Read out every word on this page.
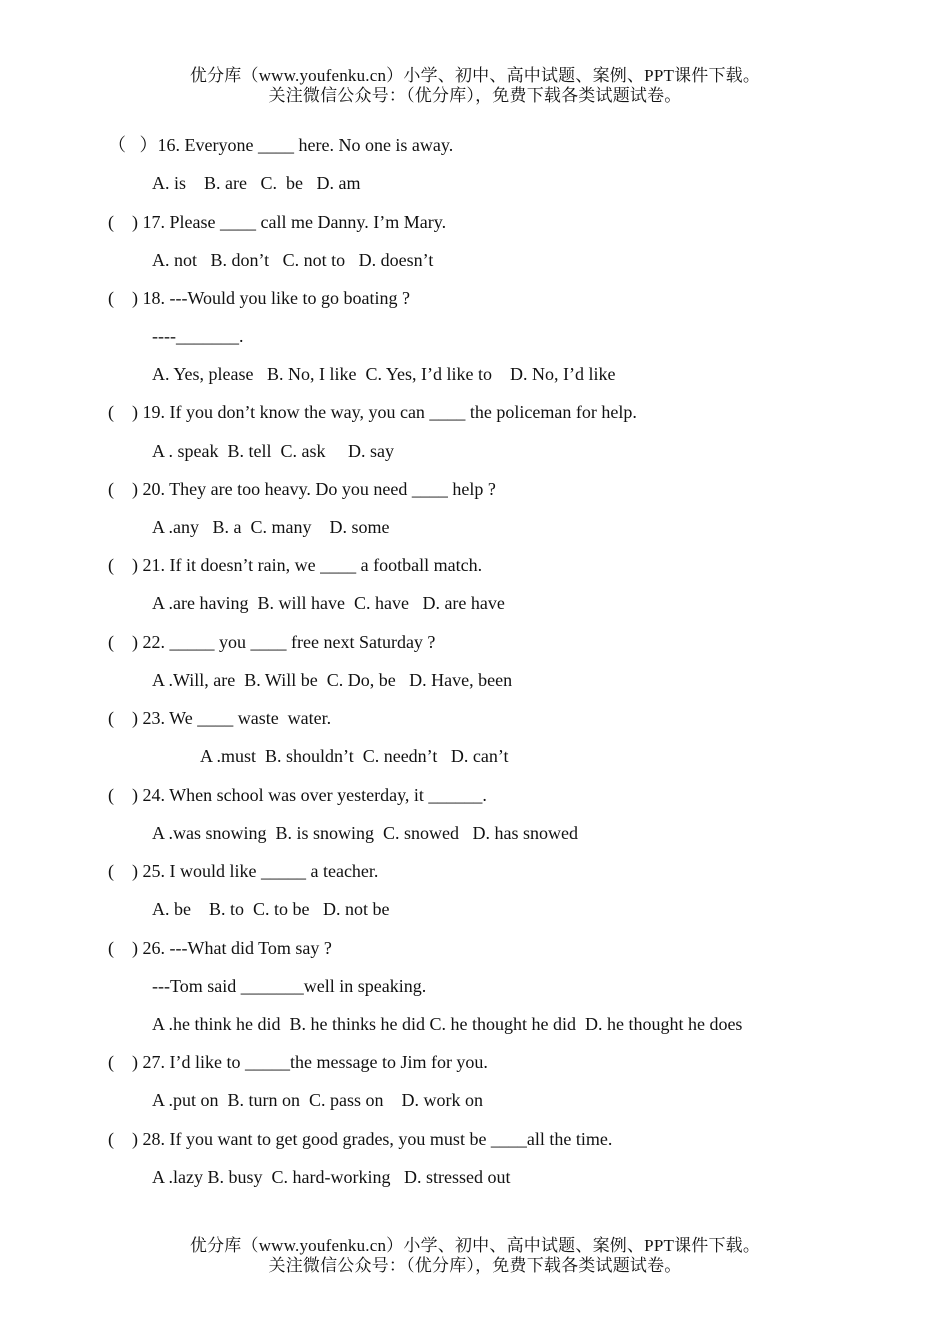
优分库（www.youfenku.cn）小学、初中、高中试题、案例、PPT课件下载。
关注微信公众号：（优分库），免费下载各类试题试卷。
（   ）16. Everyone ____ here. No one is away.
A. is    B. are   C.  be   D. am
(    ) 17. Please ____ call me Danny. I’m Mary.
A. not   B. don’t   C. not to   D. doesn’t
(    ) 18. ---Would you like to go boating ?
----_______.
A. Yes, please   B. No, I like  C. Yes, I’d like to    D. No, I’d like
(    ) 19. If you don’t know the way, you can ____ the policeman for help.
A . speak  B. tell  C. ask     D. say
(    ) 20. They are too heavy. Do you need ____ help ?
A .any   B. a  C. many    D. some
(    ) 21. If it doesn’t rain, we ____ a football match.
A .are having  B. will have  C. have   D. are have
(    ) 22. _____ you ____ free next Saturday ?
A .Will, are  B. Will be  C. Do, be   D. Have, been
(    ) 23. We ____ waste  water.
A .must  B. shouldn’t  C. needn’t   D. can’t
(    ) 24. When school was over yesterday, it ______.
A .was snowing  B. is snowing  C. snowed   D. has snowed
(    ) 25. I would like _____ a teacher.
A. be    B. to  C. to be   D. not be
(    ) 26. ---What did Tom say ?
---Tom said _______well in speaking.
A .he think he did  B. he thinks he did C. he thought he did  D. he thought he does
(    ) 27. I’d like to _____the message to Jim for you.
A .put on  B. turn on  C. pass on    D. work on
(    ) 28. If you want to get good grades, you must be ____all the time.
A .lazy B. busy  C. hard-working   D. stressed out
优分库（www.youfenku.cn）小学、初中、高中试题、案例、PPT课件下载。
关注微信公众号：（优分库），免费下载各类试题试卷。
